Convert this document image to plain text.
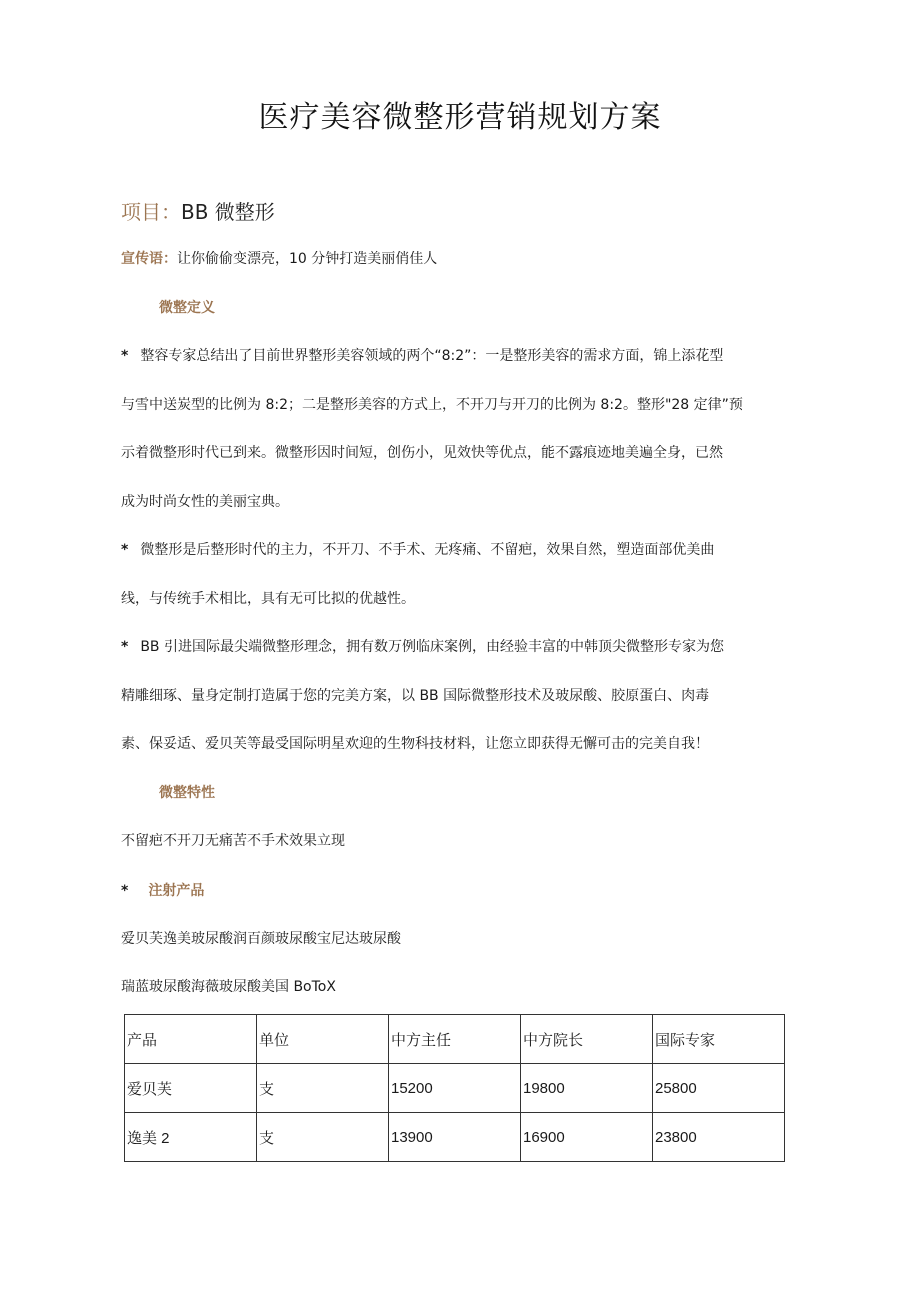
医疗美容微整形营销规划方案
项目：BB 微整形
宣传语：让你偷偷变漂亮，10 分钟打造美丽俏佳人
微整定义
* 整容专家总结出了目前世界整形美容领域的两个“8:2”：一是整形美容的需求方面，锦上添花型
与雪中送炭型的比例为 8:2；二是整形美容的方式上，不开刀与开刀的比例为 8:2。整形"28 定律”预
示着微整形时代已到来。微整形因时间短，创伤小，见效快等优点，能不露痕迹地美遍全身，已然
成为时尚女性的美丽宝典。
* 微整形是后整形时代的主力，不开刀、不手术、无疼痛、不留疤，效果自然，塑造面部优美曲
线，与传统手术相比，具有无可比拟的优越性。
* BB 引进国际最尖端微整形理念，拥有数万例临床案例，由经验丰富的中韩顶尖微整形专家为您
精雕细琢、量身定制打造属于您的完美方案，以 BB 国际微整形技术及玻尿酸、胶原蛋白、肉毒
素、保妥适、爱贝芙等最受国际明星欢迎的生物科技材料，让您立即获得无懈可击的完美自我！
微整特性
不留疤不开刀无痛苦不手术效果立现
* 注射产品
爱贝芙逸美玻尿酸润百颜玻尿酸宝尼达玻尿酸
瑞蓝玻尿酸海薇玻尿酸美国 BoToX
产品	单位	中方主任	中方院长	国际专家
爱贝芙	支	15200	19800	25800
逸美 2	支	13900	16900	23800
